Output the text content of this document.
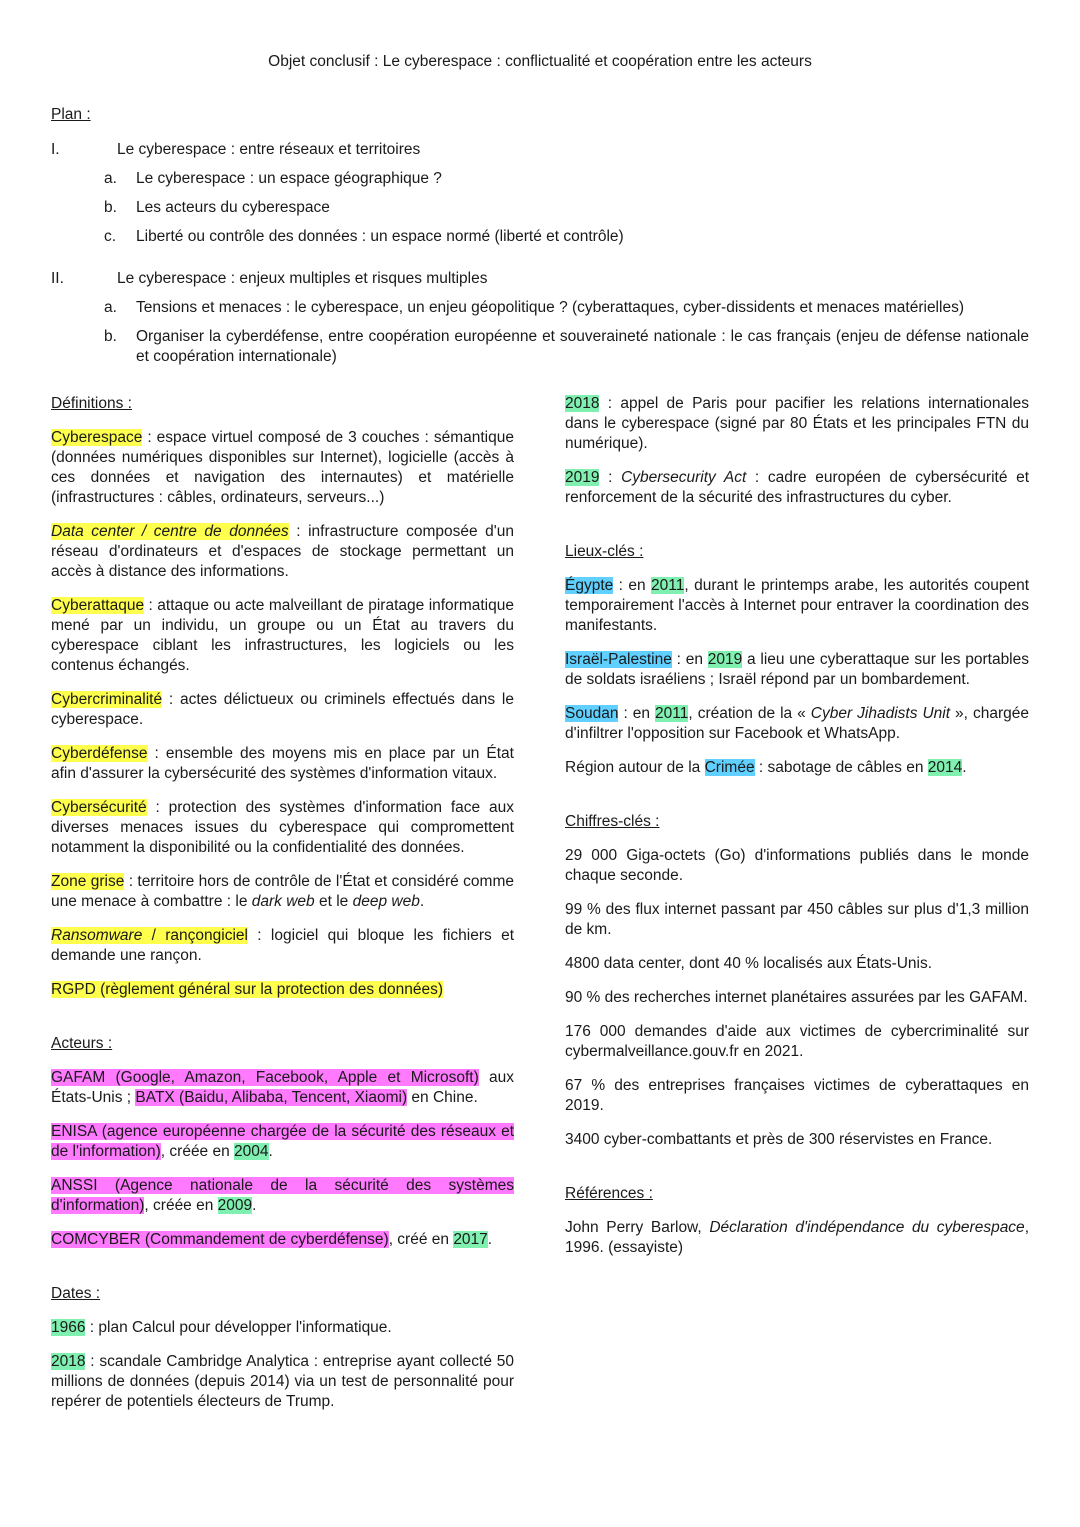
Objet conclusif : Le cyberespace : conflictualité et coopération entre les acteurs
Plan :
I.	Le cyberespace : entre réseaux et territoires
a. Le cyberespace : un espace géographique ?
b. Les acteurs du cyberespace
c. Liberté ou contrôle des données : un espace normé (liberté et contrôle)
II.	Le cyberespace : enjeux multiples et risques multiples
a. Tensions et menaces : le cyberespace, un enjeu géopolitique ? (cyberattaques, cyber-dissidents et menaces matérielles)
b. Organiser la cyberdéfense, entre coopération européenne et souveraineté nationale : le cas français (enjeu de défense nationale et coopération internationale)
Définitions :

Cyberespace : espace virtuel composé de 3 couches : sémantique (données numériques disponibles sur Internet), logicielle (accès à ces données et navigation des internautes) et matérielle (infrastructures : câbles, ordinateurs, serveurs...)

Data center / centre de données : infrastructure composée d'un réseau d'ordinateurs et d'espaces de stockage permettant un accès à distance des informations.

Cyberattaque : attaque ou acte malveillant de piratage informatique mené par un individu, un groupe ou un État au travers du cyberespace ciblant les infrastructures, les logiciels ou les contenus échangés.

Cybercriminalité : actes délictueux ou criminels effectués dans le cyberespace.

Cyberdéfense : ensemble des moyens mis en place par un État afin d'assurer la cybersécurité des systèmes d'information vitaux.

Cybersécurité : protection des systèmes d'information face aux diverses menaces issues du cyberespace qui compromettent notamment la disponibilité ou la confidentialité des données.

Zone grise : territoire hors de contrôle de l'État et considéré comme une menace à combattre : le dark web et le deep web.

Ransomware / rançongiciel : logiciel qui bloque les fichiers et demande une rançon.

RGPD (règlement général sur la protection des données)

Acteurs :

GAFAM (Google, Amazon, Facebook, Apple et Microsoft) aux États-Unis ; BATX (Baidu, Alibaba, Tencent, Xiaomi) en Chine.

ENISA (agence européenne chargée de la sécurité des réseaux et de l'information), créée en 2004.

ANSSI (Agence nationale de la sécurité des systèmes d'information), créée en 2009.

COMCYBER (Commandement de cyberdéfense), créé en 2017.

Dates :

1966 : plan Calcul pour développer l'informatique.

2018 : scandale Cambridge Analytica : entreprise ayant collecté 50 millions de données (depuis 2014) via un test de personnalité pour repérer de potentiels électeurs de Trump.

2018 : appel de Paris pour pacifier les relations internationales dans le cyberespace (signé par 80 États et les principales FTN du numérique).

2019 : Cybersecurity Act : cadre européen de cybersécurité et renforcement de la sécurité des infrastructures du cyber.

Lieux-clés :

Égypte : en 2011, durant le printemps arabe, les autorités coupent temporairement l'accès à Internet pour entraver la coordination des manifestants.

Israël-Palestine : en 2019 a lieu une cyberattaque sur les portables de soldats israéliens ; Israël répond par un bombardement.

Soudan : en 2011, création de la « Cyber Jihadists Unit », chargée d'infiltrer l'opposition sur Facebook et WhatsApp.

Région autour de la Crimée : sabotage de câbles en 2014.

Chiffres-clés :

29 000 Giga-octets (Go) d'informations publiés dans le monde chaque seconde.

99 % des flux internet passant par 450 câbles sur plus d'1,3 million de km.

4800 data center, dont 40 % localisés aux États-Unis.

90 % des recherches internet planétaires assurées par les GAFAM.

176 000 demandes d'aide aux victimes de cybercriminalité sur cybermalveillance.gouv.fr en 2021.

67 % des entreprises françaises victimes de cyberattaques en 2019.

3400 cyber-combattants et près de 300 réservistes en France.

Références :

John Perry Barlow, Déclaration d'indépendance du cyberespace, 1996. (essayiste)
